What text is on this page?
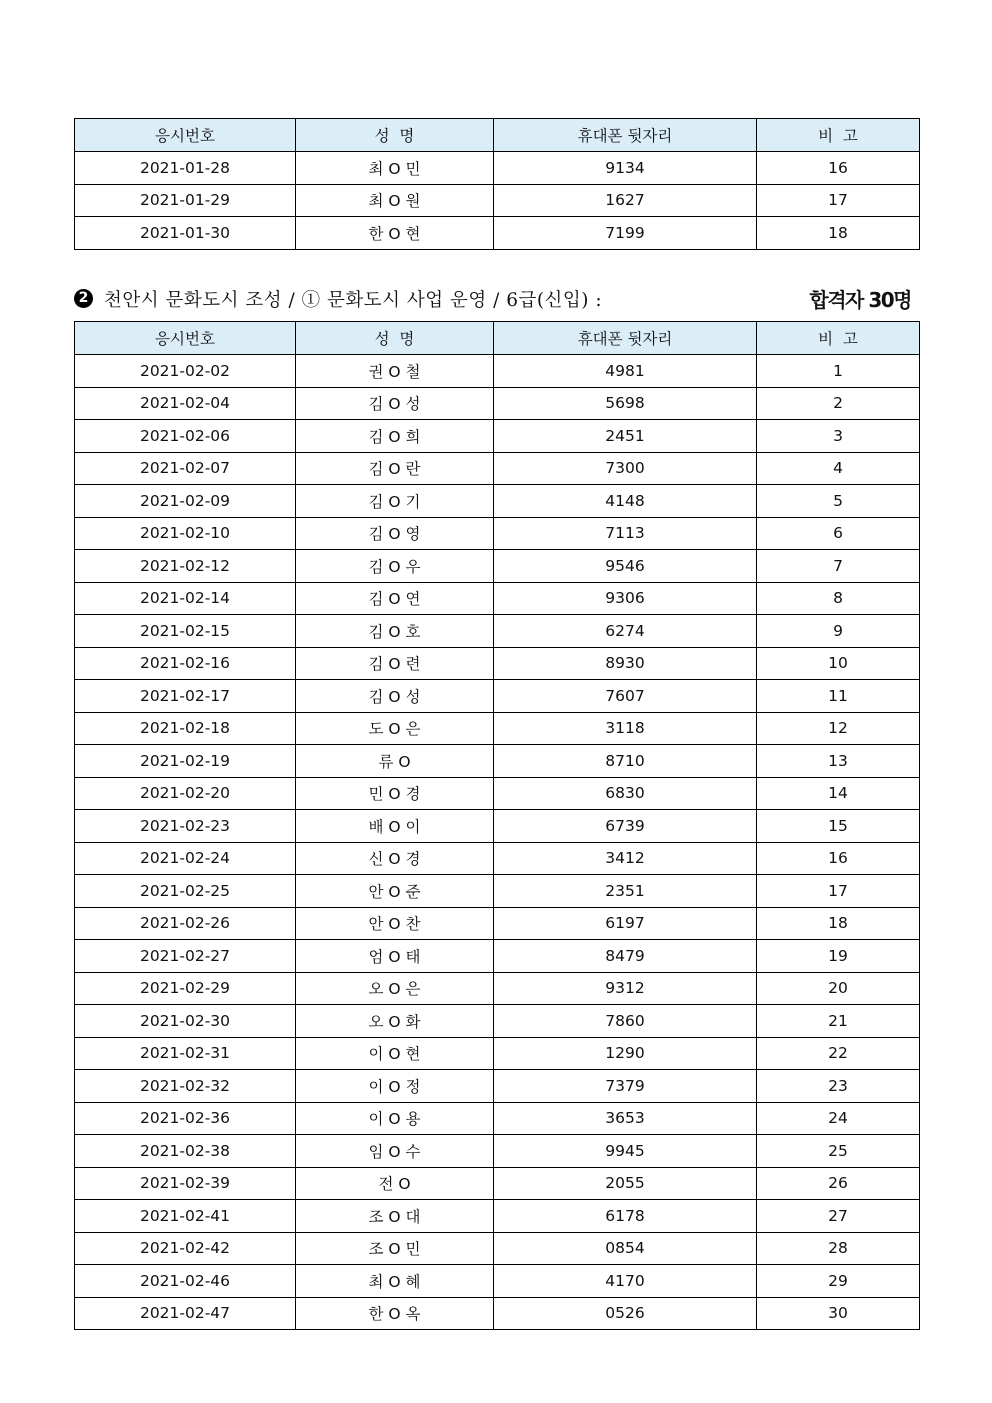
응시번호	성  명	휴대폰 뒷자리	비  고
2021-01-28	최 O 민	9134	16
2021-01-29	최 O 원	1627	17
2021-01-30	한 O 현	7199	18
2 천안시 문화도시 조성 / ① 문화도시 사업 운영 / 6급(신입) :	합격자 30명
응시번호	성  명	휴대폰 뒷자리	비  고
2021-02-02	권 O 철	4981	1
2021-02-04	김 O 성	5698	2
2021-02-06	김 O 희	2451	3
2021-02-07	김 O 란	7300	4
2021-02-09	김 O 기	4148	5
2021-02-10	김 O 영	7113	6
2021-02-12	김 O 우	9546	7
2021-02-14	김 O 연	9306	8
2021-02-15	김 O 호	6274	9
2021-02-16	김 O 련	8930	10
2021-02-17	김 O 성	7607	11
2021-02-18	도 O 은	3118	12
2021-02-19	류 O	8710	13
2021-02-20	민 O 경	6830	14
2021-02-23	배 O 이	6739	15
2021-02-24	신 O 경	3412	16
2021-02-25	안 O 준	2351	17
2021-02-26	안 O 찬	6197	18
2021-02-27	엄 O 태	8479	19
2021-02-29	오 O 은	9312	20
2021-02-30	오 O 화	7860	21
2021-02-31	이 O 현	1290	22
2021-02-32	이 O 정	7379	23
2021-02-36	이 O 용	3653	24
2021-02-38	임 O 수	9945	25
2021-02-39	전 O	2055	26
2021-02-41	조 O 대	6178	27
2021-02-42	조 O 민	0854	28
2021-02-46	최 O 혜	4170	29
2021-02-47	한 O 옥	0526	30
